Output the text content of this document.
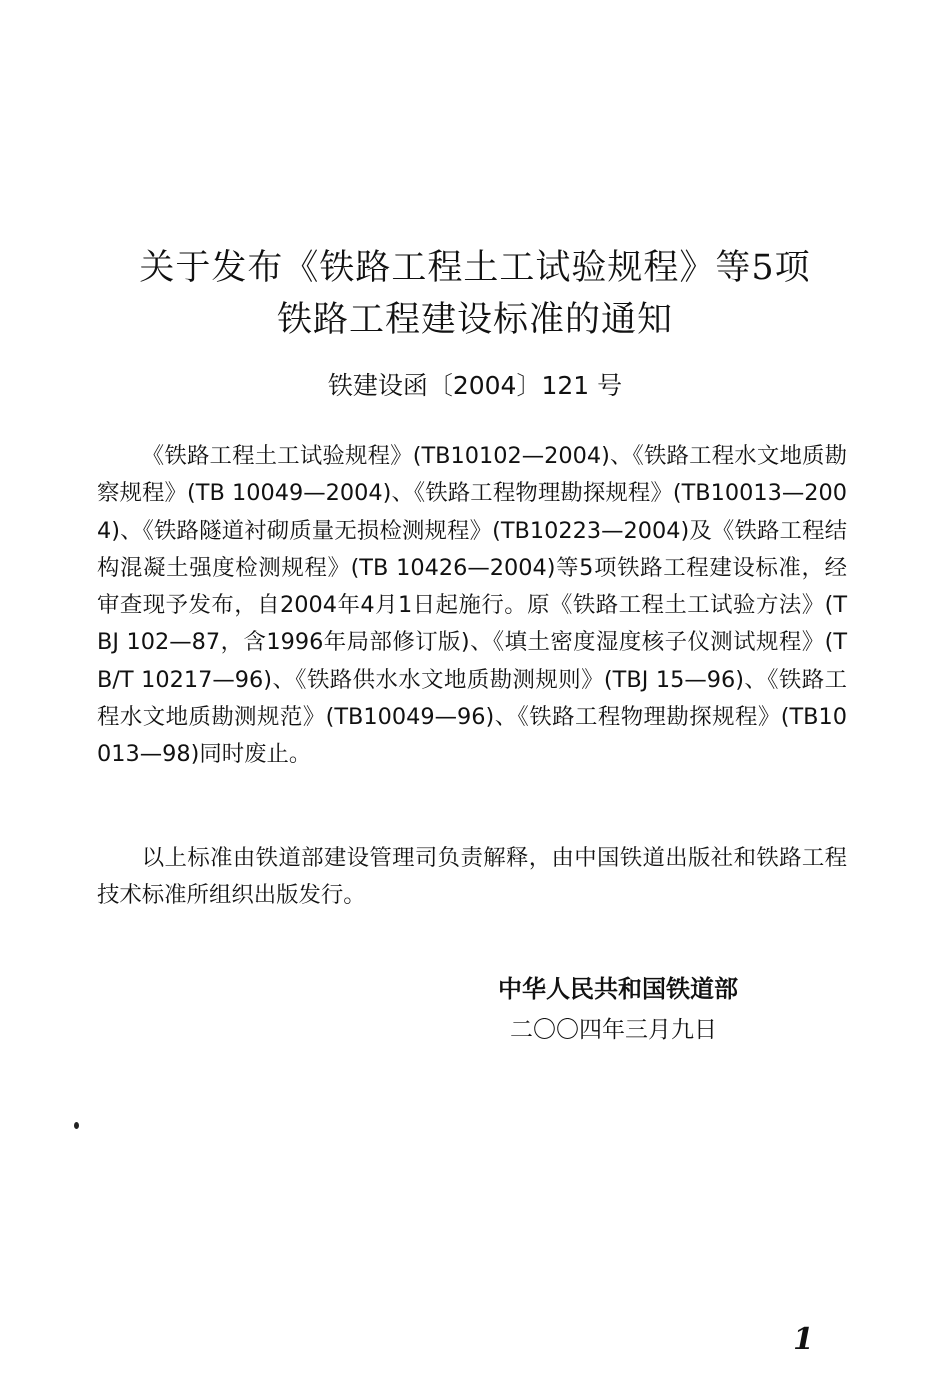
关于发布《铁路工程土工试验规程》等5项
铁路工程建设标准的通知
铁建设函〔2004〕121 号

《铁路工程土工试验规程》(TB10102—2004)、《铁路工程水文地质勘察规程》(TB 10049—2004)、《铁路工程物理勘探规程》(TB10013—2004)、《铁路隧道衬砌质量无损检测规程》(TB10223—2004)及《铁路工程结构混凝土强度检测规程》(TB 10426—2004)等5项铁路工程建设标准，经审查现予发布，自2004年4月1日起施行。原《铁路工程土工试验方法》(TBJ 102—87，含1996年局部修订版)、《填土密度湿度核子仪测试规程》(TB/T 10217—96)、《铁路供水水文地质勘测规则》(TBJ 15—96)、《铁路工程水文地质勘测规范》(TB10049—96)、《铁路工程物理勘探规程》(TB10013—98)同时废止。

以上标准由铁道部建设管理司负责解释，由中国铁道出版社和铁路工程技术标准所组织出版发行。

中华人民共和国铁道部
二〇〇四年三月九日
1
